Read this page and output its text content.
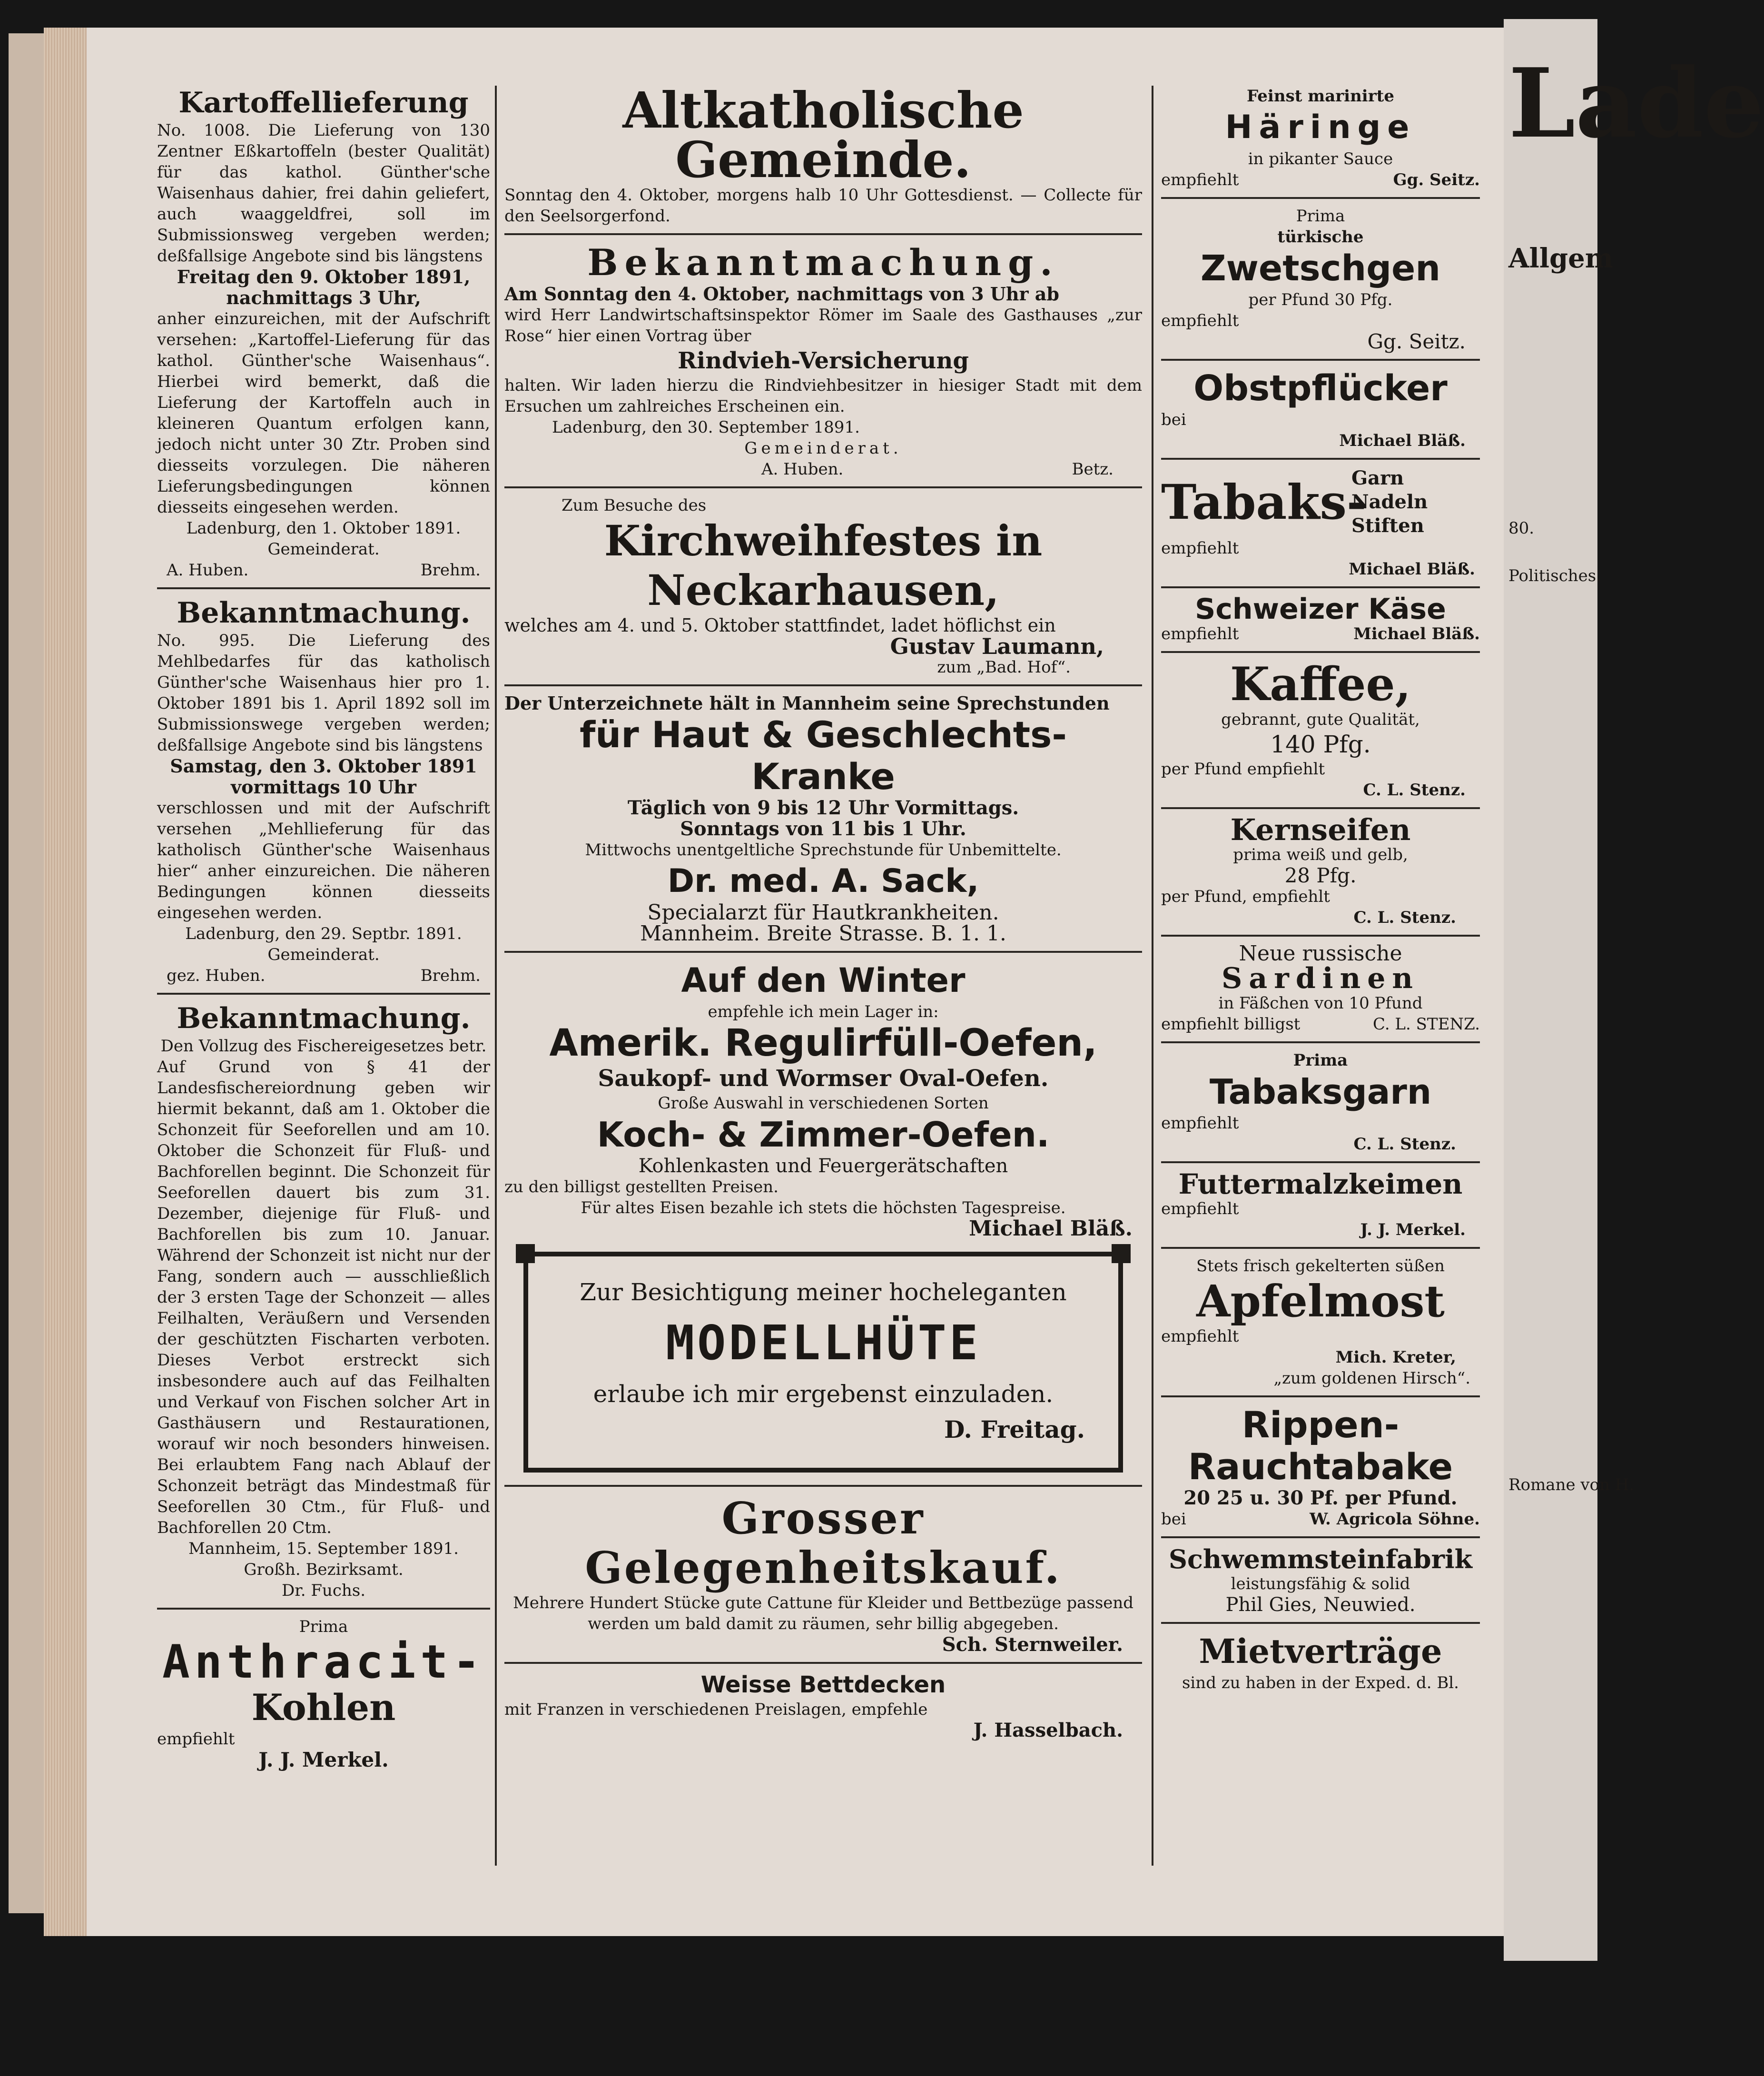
Lade
Allgem
80.
Politisches.
Romane von H.
Kartoffellieferung

No. 1008. Die Lieferung von 130 Zentner Eßkartoffeln (bester Qualität) für das kathol. Günther'sche Waisenhaus dahier, frei dahin geliefert, auch waaggeldfrei, soll im Submissionsweg vergeben werden; deßfallsige Angebote sind bis längstens

Freitag den 9. Oktober 1891, nachmittags 3 Uhr,

anher einzureichen, mit der Aufschrift versehen: „Kartoffel-Lieferung für das kathol. Günther'sche Waisenhaus“. Hierbei wird bemerkt, daß die Lieferung der Kartoffeln auch in kleineren Quantum erfolgen kann, jedoch nicht unter 30 Ztr. Proben sind diesseits vorzulegen. Die näheren Lieferungsbedingungen können diesseits eingesehen werden.

Ladenburg, den 1. Oktober 1891.

Gemeinderat.

A. Huben.	Brehm.
Bekanntmachung.

No. 995. Die Lieferung des Mehlbedarfes für das katholisch Günther'sche Waisenhaus hier pro 1. Oktober 1891 bis 1. April 1892 soll im Submissionswege vergeben werden; deßfallsige Angebote sind bis längstens

Samstag, den 3. Oktober 1891 vormittags 10 Uhr

verschlossen und mit der Aufschrift versehen „Mehllieferung für das katholisch Günther'sche Waisenhaus hier“ anher einzureichen. Die näheren Bedingungen können diesseits eingesehen werden.

Ladenburg, den 29. Septbr. 1891.

Gemeinderat.

gez. Huben.	Brehm.
Bekanntmachung.

Den Vollzug des Fischereigesetzes betr.

Auf Grund von § 41 der Landesfischereiordnung geben wir hiermit bekannt, daß am 1. Oktober die Schonzeit für Seeforellen und am 10. Oktober die Schonzeit für Fluß- und Bachforellen beginnt. Die Schonzeit für Seeforellen dauert bis zum 31. Dezember, diejenige für Fluß- und Bachforellen bis zum 10. Januar. Während der Schonzeit ist nicht nur der Fang, sondern auch — ausschließlich der 3 ersten Tage der Schonzeit — alles Feilhalten, Veräußern und Versenden der geschützten Fischarten verboten. Dieses Verbot erstreckt sich insbesondere auch auf das Feilhalten und Verkauf von Fischen solcher Art in Gasthäusern und Restaurationen, worauf wir noch besonders hinweisen. Bei erlaubtem Fang nach Ablauf der Schonzeit beträgt das Mindestmaß für Seeforellen 30 Ctm., für Fluß- und Bachforellen 20 Ctm.

Mannheim, 15. September 1891.

Großh. Bezirksamt.

Dr. Fuchs.

Prima

Anthracit-
Kohlen

empfiehlt

J. J. Merkel.

Altkatholische Gemeinde.

Sonntag den 4. Oktober, morgens halb 10 Uhr Gottesdienst. — Collecte für den Seelsorgerfond.

Bekanntmachung.

Am Sonntag den 4. Oktober, nachmittags von 3 Uhr ab

wird Herr Landwirtschaftsinspektor Römer im Saale des Gasthauses „zur Rose“ hier einen Vortrag über

Rindvieh-Versicherung

halten. Wir laden hierzu die Rindviehbesitzer in hiesiger Stadt mit dem Ersuchen um zahlreiches Erscheinen ein.

Ladenburg, den 30. September 1891.

Gemeinderat.

A. Huben.	Betz.

Zum Besuche des

Kirchweihfestes in Neckarhausen,

welches am 4. und 5. Oktober stattfindet, ladet höflichst ein

Gustav Laumann,

zum „Bad. Hof“.

Der Unterzeichnete hält in Mannheim seine Sprechstunden

für Haut & Geschlechts-
Kranke

Täglich von 9 bis 12 Uhr Vormittags.

Sonntags von 11 bis 1 Uhr.

Mittwochs unentgeltliche Sprechstunde für Unbemittelte.

Dr. med. A. Sack,

Specialarzt für Hautkrankheiten.

Mannheim. Breite Strasse. B. 1. 1.

Auf den Winter

empfehle ich mein Lager in:

Amerik. Regulirfüll-Oefen,
Saukopf- und Wormser Oval-Oefen.

Große Auswahl in verschiedenen Sorten

Koch- & Zimmer-Oefen.

Kohlenkasten und Feuergerätschaften

zu den billigst gestellten Preisen.

Für altes Eisen bezahle ich stets die höchsten Tagespreise.

Michael Bläß.

Zur Besichtigung meiner hocheleganten

MODELLHÜTE

erlaube ich mir ergebenst einzuladen.

D. Freitag.

Grosser Gelegenheitskauf.

Mehrere Hundert Stücke gute Cattune für Kleider und Bettbezüge passend werden um bald damit zu räumen, sehr billig abgegeben.

Sch. Sternweiler.

Weisse Bettdecken

mit Franzen in verschiedenen Preislagen, empfehle

J. Hasselbach.

Feinst marinirte

Häringe

in pikanter Sauce

empfiehlt	Gg. Seitz.

Prima

türkische

Zwetschgen

per Pfund 30 Pfg.

empfiehlt

Gg. Seitz.

Obstpflücker

bei

Michael Bläß.

Tabaks-
Garn
Nadeln
Stiften

empfiehlt

Michael Bläß.

Schweizer Käse
empfiehlt	Michael Bläß.
Kaffee,

gebrannt, gute Qualität,

140 Pfg.

per Pfund empfiehlt

C. L. Stenz.

Kernseifen

prima weiß und gelb,

28 Pfg.

per Pfund, empfiehlt

C. L. Stenz.

Neue russische

Sardinen

in Fäßchen von 10 Pfund

empfiehlt billigst	C. L. STENZ.

Prima

Tabaksgarn

empfiehlt

C. L. Stenz.

Futtermalzkeimen

empfiehlt

J. J. Merkel.

Stets frisch gekelterten süßen

Apfelmost

empfiehlt

Mich. Kreter,

„zum goldenen Hirsch“.

Rippen-
Rauchtabake

20 25 u. 30 Pf. per Pfund.

bei	W. Agricola Söhne.
Schwemmsteinfabrik

leistungsfähig & solid

Phil Gies, Neuwied.

Mietverträge

sind zu haben in der Exped. d. Bl.
